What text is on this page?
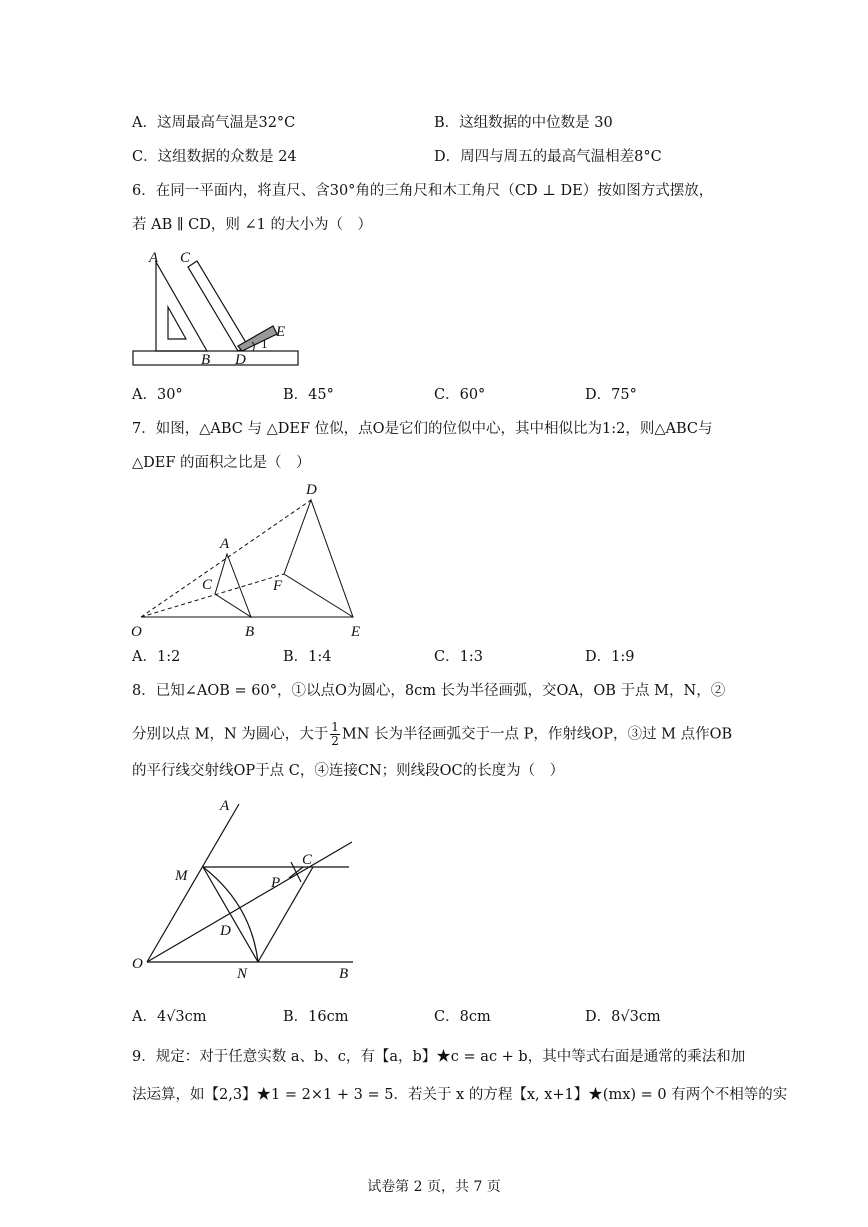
A．这周最高气温是32°C	B．这组数据的中位数是 30
C．这组数据的众数是 24	D．周四与周五的最高气温相差8°C
6．在同一平面内，将直尺、含30°角的三角尺和木工角尺（CD ⊥ DE）按如图方式摆放，
若 AB ∥ CD，则 ∠1 的大小为（　）
A C
E
1
B D
A．30°	B．45°	C．60°	D．75°
7．如图，△ABC 与 △DEF 位似，点O是它们的位似中心，其中相似比为1:2，则△ABC与
△DEF 的面积之比是（　）
D
A
C	F
O	B	E
A．1:2	B．1:4	C．1:3	D．1:9
8．已知∠AOB = 60°，①以点O为圆心，8cm 长为半径画弧，交OA，OB 于点 M，N，②
分别以点 M，N 为圆心，大于 $\frac{1}{2}$ MN 长为半径画弧交于一点 P，作射线OP，③过 M 点作OB
的平行线交射线OP于点 C，④连接CN；则线段OC的长度为（　）
A
C
M	P
D
O
N	B
A．4√3cm	B．16cm	C．8cm	D．8√3cm
9．规定：对于任意实数 a、b、c，有【a，b】★c = ac + b，其中等式右面是通常的乘法和加
法运算，如【2,3】★1 = 2×1 + 3 = 5．若关于 x 的方程【x, x+1】★(mx) = 0 有两个不相等的实
试卷第 2 页，共 7 页
